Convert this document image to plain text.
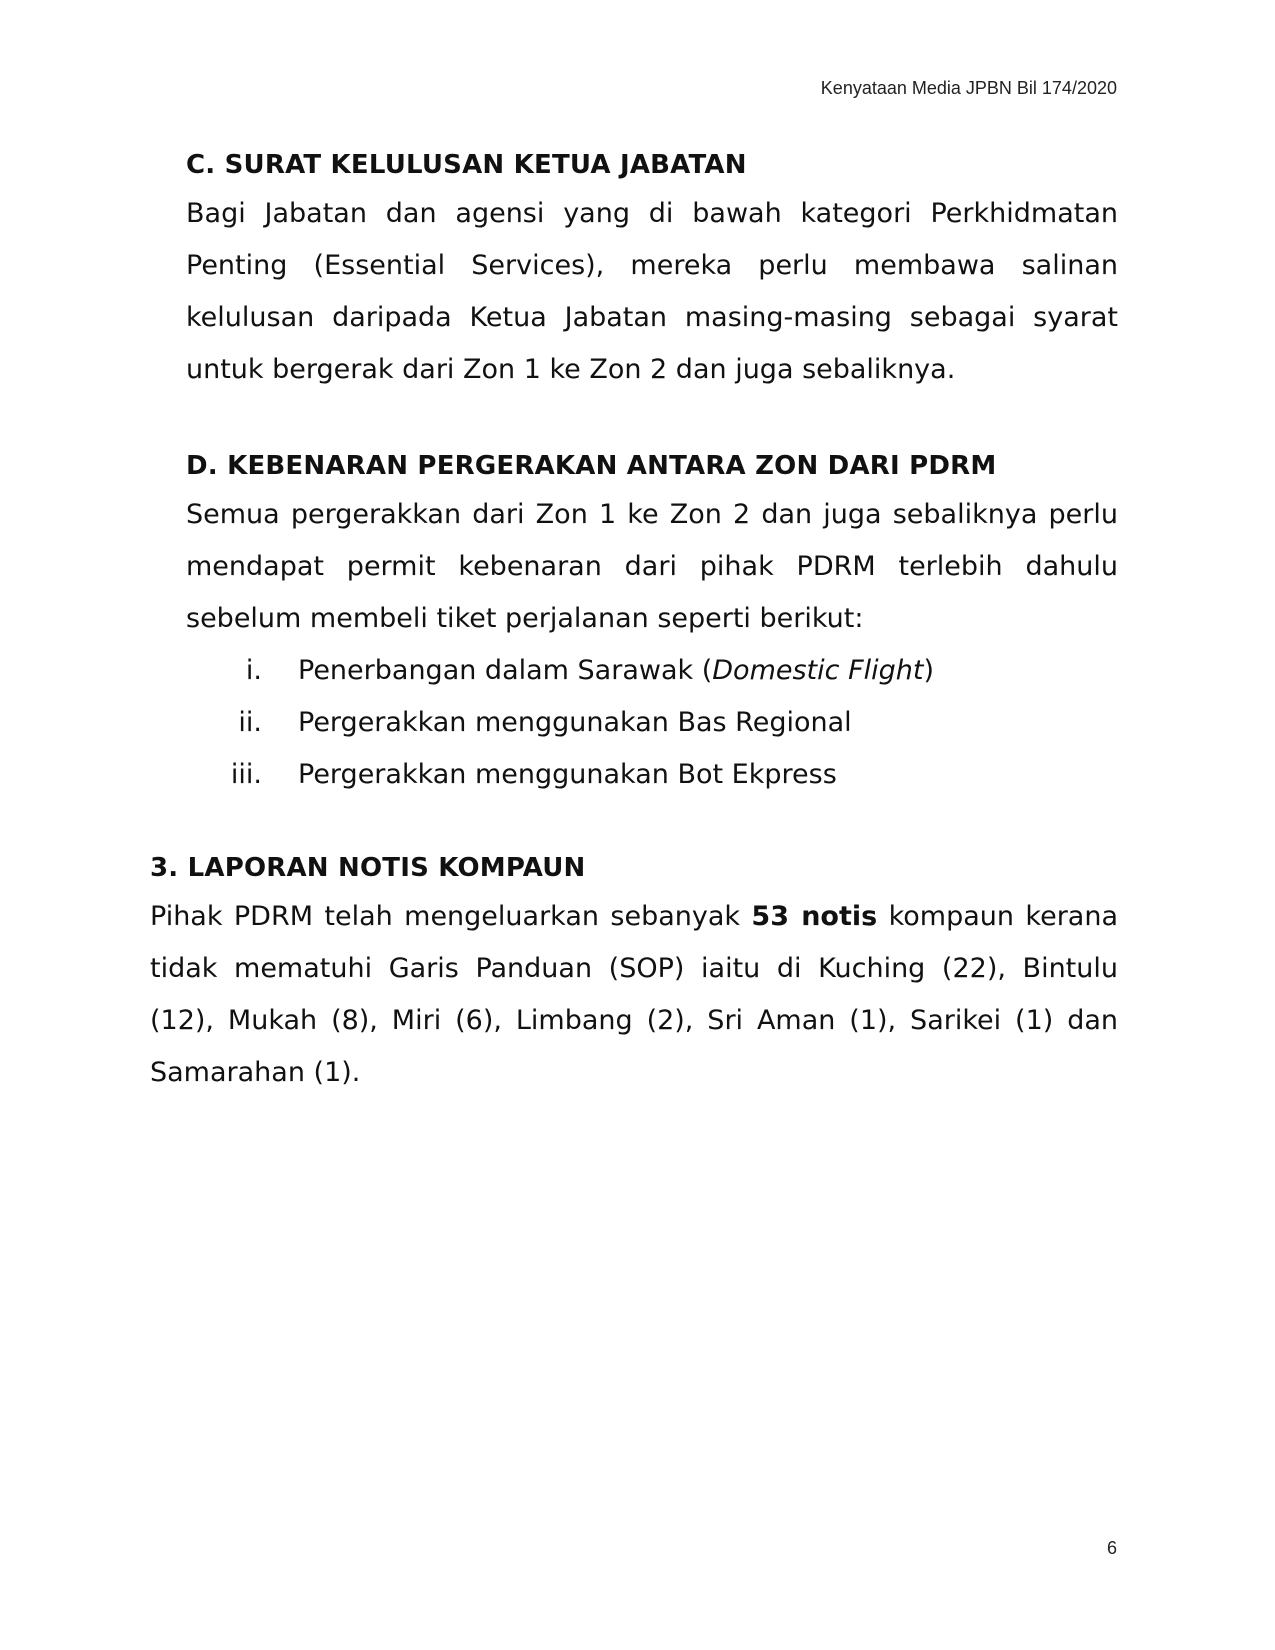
Kenyataan Media JPBN Bil 174/2020
C. SURAT KELULUSAN KETUA JABATAN

Bagi Jabatan dan agensi yang di bawah kategori Perkhidmatan Penting (Essential Services), mereka perlu membawa salinan kelulusan daripada Ketua Jabatan masing-masing sebagai syarat untuk bergerak dari Zon 1 ke Zon 2 dan juga sebaliknya.

D. KEBENARAN PERGERAKAN ANTARA ZON DARI PDRM

Semua pergerakkan dari Zon 1 ke Zon 2 dan juga sebaliknya perlu mendapat permit kebenaran dari pihak PDRM terlebih dahulu sebelum membeli tiket perjalanan seperti berikut:

i. Penerbangan dalam Sarawak (Domestic Flight)
ii. Pergerakkan menggunakan Bas Regional
iii. Pergerakkan menggunakan Bot Ekpress
3. LAPORAN NOTIS KOMPAUN

Pihak PDRM telah mengeluarkan sebanyak 53 notis kompaun kerana tidak mematuhi Garis Panduan (SOP) iaitu di Kuching (22), Bintulu (12), Mukah (8), Miri (6), Limbang (2), Sri Aman (1), Sarikei (1) dan Samarahan (1).

6
